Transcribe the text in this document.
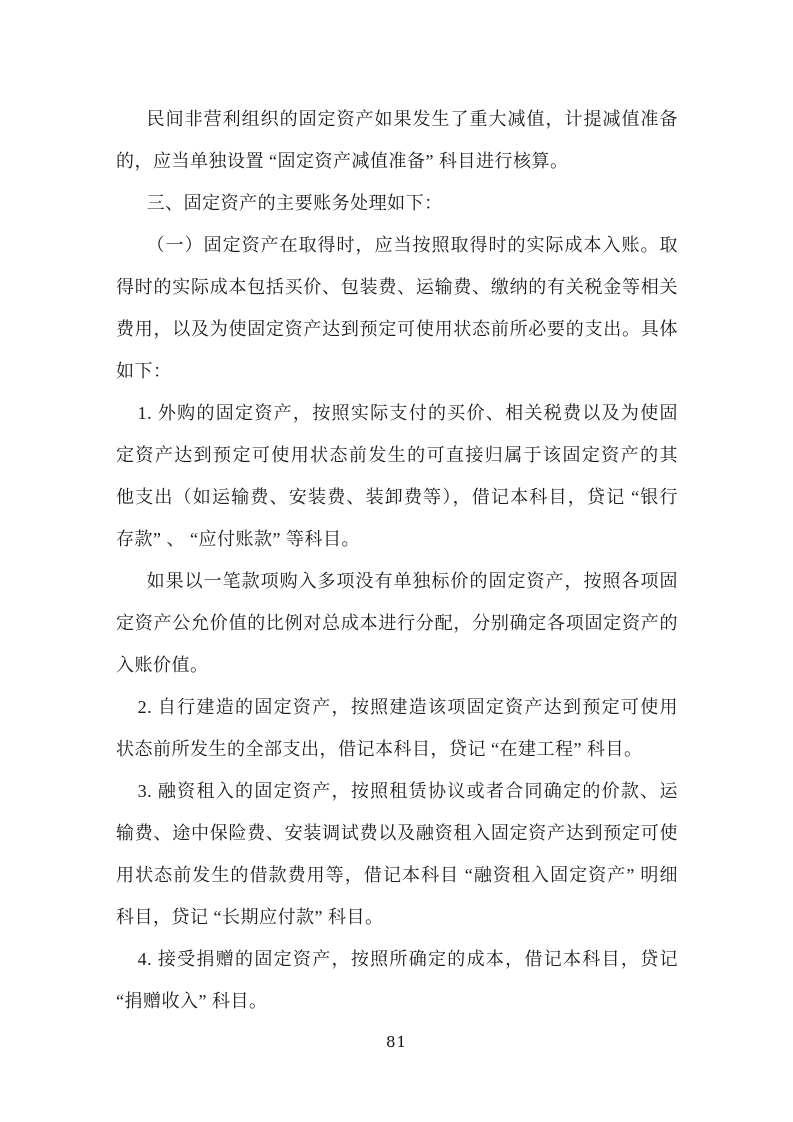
民间非营利组织的固定资产如果发生了重大减值，计提减值准备
的，应当单独设置 “固定资产减值准备” 科目进行核算。
三、固定资产的主要账务处理如下：
（一）固定资产在取得时，应当按照取得时的实际成本入账。取
得时的实际成本包括买价、包装费、运输费、缴纳的有关税金等相关
费用，以及为使固定资产达到预定可使用状态前所必要的支出。具体
如下：
1. 外购的固定资产，按照实际支付的买价、相关税费以及为使固
定资产达到预定可使用状态前发生的可直接归属于该固定资产的其
他支出（如运输费、安装费、装卸费等），借记本科目，贷记 “银行
存款” 、 “应付账款” 等科目。
如果以一笔款项购入多项没有单独标价的固定资产，按照各项固
定资产公允价值的比例对总成本进行分配，分别确定各项固定资产的
入账价值。
2. 自行建造的固定资产，按照建造该项固定资产达到预定可使用
状态前所发生的全部支出，借记本科目，贷记 “在建工程” 科目。
3. 融资租入的固定资产，按照租赁协议或者合同确定的价款、运
输费、途中保险费、安装调试费以及融资租入固定资产达到预定可使
用状态前发生的借款费用等，借记本科目 “融资租入固定资产” 明细
科目，贷记 “长期应付款” 科目。
4. 接受捐赠的固定资产，按照所确定的成本，借记本科目，贷记
“捐赠收入” 科目。
81
